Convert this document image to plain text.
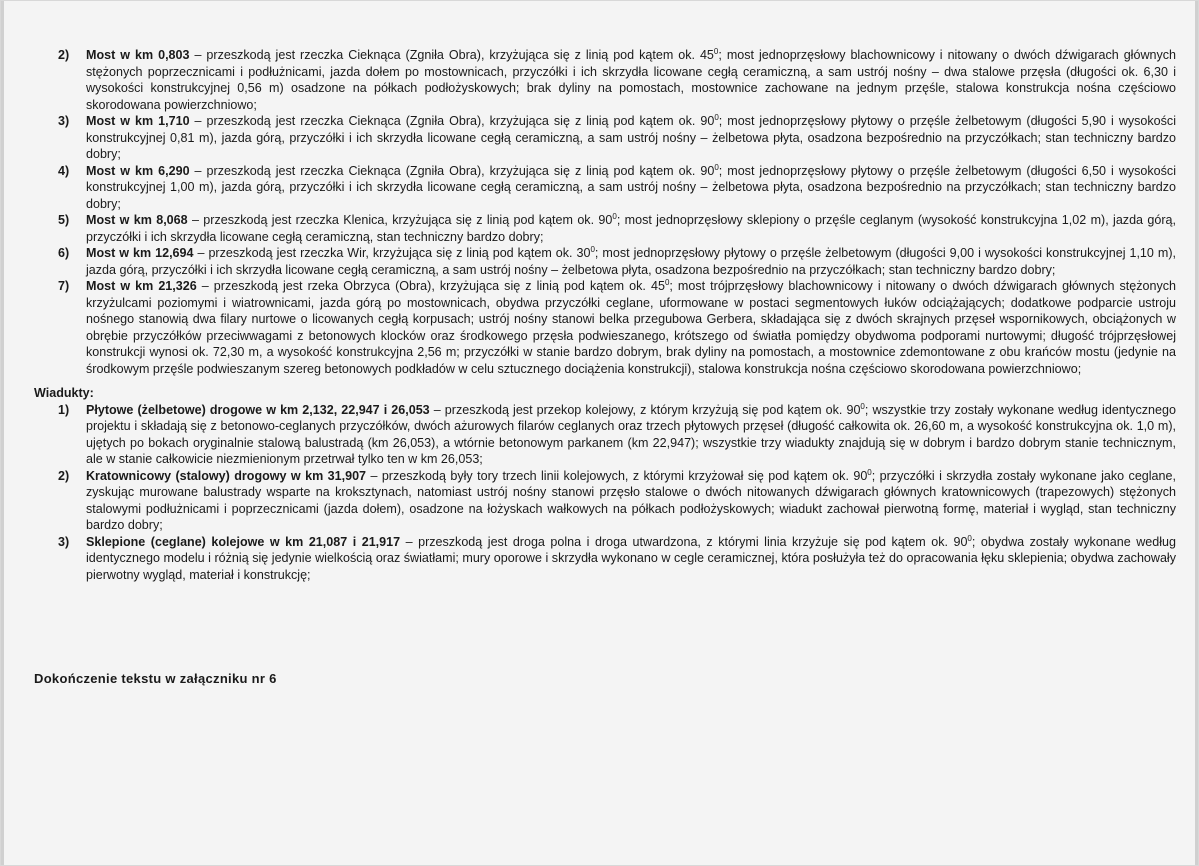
2)	Most w km 0,803 – przeszkodą jest rzeczka Cieknąca (Zgniła Obra), krzyżująca się z linią pod kątem ok. $45^0$; most jednoprzęsłowy blachownicowy i nitowany o dwóch dźwigarach głównych stężonych poprzecznicami i podłużnicami, jazda dołem po mostownicach, przyczółki i ich skrzydła licowane cegłą ceramiczną, a sam ustrój nośny – dwa stalowe przęsła (długości ok. 6,30 i wysokości konstrukcyjnej 0,56 m) osadzone na półkach podłożyskowych; brak dyliny na pomostach, mostownice zachowane na jednym przęśle, stalowa konstrukcja nośna częściowo skorodowana powierzchniowo;
3)	Most w km 1,710 – przeszkodą jest rzeczka Cieknąca (Zgniła Obra), krzyżująca się z linią pod kątem ok. $90^0$; most jednoprzęsłowy płytowy o przęśle żelbetowym (długości 5,90 i wysokości konstrukcyjnej 0,81 m), jazda górą, przyczółki i ich skrzydła licowane cegłą ceramiczną, a sam ustrój nośny – żelbetowa płyta, osadzona bezpośrednio na przyczółkach; stan techniczny bardzo dobry;
4)	Most w km 6,290 – przeszkodą jest rzeczka Cieknąca (Zgniła Obra), krzyżująca się z linią pod kątem ok. $90^0$; most jednoprzęsłowy płytowy o przęśle żelbetowym (długości 6,50 i wysokości konstrukcyjnej 1,00 m), jazda górą, przyczółki i ich skrzydła licowane cegłą ceramiczną, a sam ustrój nośny – żelbetowa płyta, osadzona bezpośrednio na przyczółkach; stan techniczny bardzo dobry;
5)	Most w km 8,068 – przeszkodą jest rzeczka Klenica, krzyżująca się z linią pod kątem ok. $90^0$; most jednoprzęsłowy sklepiony o przęśle ceglanym (wysokość konstrukcyjna 1,02 m), jazda górą, przyczółki i ich skrzydła licowane cegłą ceramiczną, stan techniczny bardzo dobry;
6)	Most w km 12,694 – przeszkodą jest rzeczka Wir, krzyżująca się z linią pod kątem ok. $30^0$; most jednoprzęsłowy płytowy o przęśle żelbetowym (długości 9,00 i wysokości konstrukcyjnej 1,10 m), jazda górą, przyczółki i ich skrzydła licowane cegłą ceramiczną, a sam ustrój nośny – żelbetowa płyta, osadzona bezpośrednio na przyczółkach; stan techniczny bardzo dobry;
7)	Most w km 21,326 – przeszkodą jest rzeka Obrzyca (Obra), krzyżująca się z linią pod kątem ok. $45^0$; most trójprzęsłowy blachownicowy i nitowany o dwóch dźwigarach głównych stężonych krzyżulcami poziomymi i wiatrownicami, jazda górą po mostownicach, obydwa przyczółki ceglane, uformowane w postaci segmentowych łuków odciążających; dodatkowe podparcie ustroju nośnego stanowią dwa filary nurtowe o licowanych cegłą korpusach; ustrój nośny stanowi belka przegubowa Gerbera, składająca się z dwóch skrajnych przęseł wspornikowych, obciążonych w obrębie przyczółków przeciwwagami z betonowych klocków oraz środkowego przęsła podwieszanego, krótszego od światła pomiędzy obydwoma podporami nurtowymi; długość trójprzęsłowej konstrukcji wynosi ok. 72,30 m, a wysokość konstrukcyjna 2,56 m; przyczółki w stanie bardzo dobrym, brak dyliny na pomostach, a mostownice zdemontowane z obu krańców mostu (jedynie na środkowym przęśle podwieszanym szereg betonowych podkładów w celu sztucznego dociążenia konstrukcji), stalowa konstrukcja nośna częściowo skorodowana powierzchniowo;
Wiadukty:
1)	Płytowe (żelbetowe) drogowe w km 2,132, 22,947 i 26,053 – przeszkodą jest przekop kolejowy, z którym krzyżują się pod kątem ok. $90^0$; wszystkie trzy zostały wykonane według identycznego projektu i składają się z betonowo-ceglanych przyczółków, dwóch ażurowych filarów ceglanych oraz trzech płytowych przęseł (długość całkowita ok. 26,60 m, a wysokość konstrukcyjna ok. 1,0 m), ujętych po bokach oryginalnie stalową balustradą (km 26,053), a wtórnie betonowym parkanem (km 22,947); wszystkie trzy wiadukty znajdują się w dobrym i bardzo dobrym stanie technicznym, ale w stanie całkowicie niezmienionym przetrwał tylko ten w km 26,053;
2)	Kratownicowy (stalowy) drogowy w km 31,907 – przeszkodą były tory trzech linii kolejowych, z którymi krzyżował się pod kątem ok. $90^0$; przyczółki i skrzydła zostały wykonane jako ceglane, zyskując murowane balustrady wsparte na kroksztynach, natomiast ustrój nośny stanowi przęsło stalowe o dwóch nitowanych dźwigarach głównych kratownicowych (trapezowych) stężonych stalowymi podłużnicami i poprzecznicami (jazda dołem), osadzone na łożyskach wałkowych na półkach podłożyskowych; wiadukt zachował pierwotną formę, materiał i wygląd, stan techniczny bardzo dobry;
3)	Sklepione (ceglane) kolejowe w km 21,087 i 21,917 – przeszkodą jest droga polna i droga utwardzona, z którymi linia krzyżuje się pod kątem ok. $90^0$; obydwa zostały wykonane według identycznego modelu i różnią się jedynie wielkością oraz światłami; mury oporowe i skrzydła wykonano w cegle ceramicznej, która posłużyła też do opracowania łęku sklepienia; obydwa zachowały pierwotny wygląd, materiał i konstrukcję;
Dokończenie tekstu w załączniku nr 6
